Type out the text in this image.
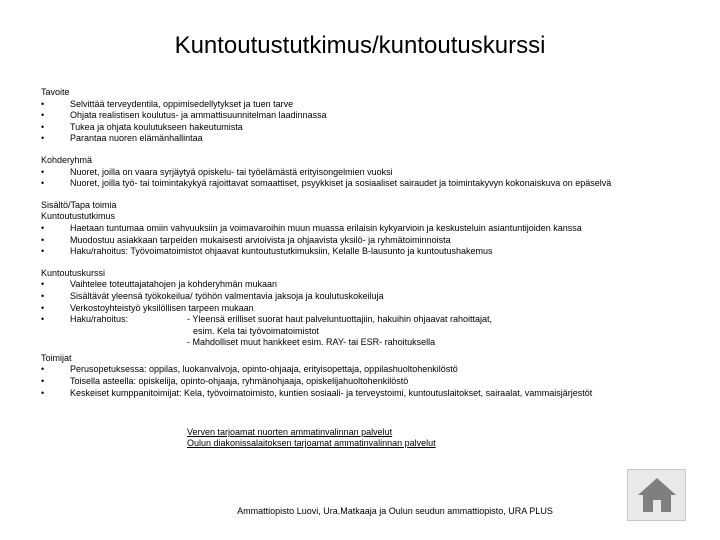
Kuntoutustutkimus/kuntoutuskurssi
Tavoite
•	Selvittää terveydentila, oppimisedellytykset ja tuen tarve
•	Ohjata realistisen koulutus- ja ammattisuunnitelman laadinnassa
•	Tukea ja ohjata koulutukseen hakeutumista
•	Parantaa nuoren elämänhallintaa
Kohderyhmä
•	Nuoret, joilla on vaara syrjäytyä opiskelu- tai työelämästä erityisongelmien vuoksi
•	Nuoret, joilla työ- tai toimintakykyä rajoittavat somaattiset, psyykkiset ja sosiaaliset sairaudet ja toimintakyvyn kokonaiskuva on epäselvä
Sisältö/Tapa toimia
Kuntoutustutkimus
•	Haetaan tuntumaa omiin vahvuuksiin ja voimavaroihin muun muassa erilaisin kykyarvioin ja keskusteluin asiantuntijoiden kanssa
•	Muodostuu asiakkaan tarpeiden mukaisesti arvioivista ja ohjaavista yksilö- ja ryhmätoiminnoista
•	Haku/rahoitus: Työvoimatoimistot ohjaavat kuntoutustutkimuksiin, Kelalle B-lausunto ja kuntoutushakemus
Kuntoutuskurssi
•	Vaihtelee toteuttajatahojen ja kohderyhmän mukaan
•	Sisältävät yleensä työkokeilua/ työhön valmentavia jaksoja ja koulutuskokeiluja
•	Verkostoyhteistyö yksilöllisen tarpeen mukaan
•	Haku/rahoitus:	- Yleensä erilliset suorat haut palveluntuottajiin, hakuihin ohjaavat rahoittajat,
esim. Kela tai työvoimatoimistot
- Mahdolliset muut hankkeet esim. RAY- tai ESR- rahoituksella
Toimijat
•	Perusopetuksessa: oppilas, luokanvalvoja, opinto-ohjaaja, erityisopettaja, oppilashuoltohenkilöstö
•	Toisella asteella: opiskelija, opinto-ohjaaja, ryhmänohjaaja, opiskelijahuoltohenkilöstö
•	Keskeiset kumppanitoimijat: Kela, työvoimatoimisto, kuntien sosiaali- ja terveystoimi, kuntoutuslaitokset, sairaalat, vammaisjärjestöt
Verven tarjoamat nuorten ammatinvalinnan palvelut
Oulun diakonissalaitoksen tarjoamat ammatinvalinnan palvelut
Ammattiopisto Luovi, Ura.Matkaaja ja Oulun seudun ammattiopisto, URA PLUS
